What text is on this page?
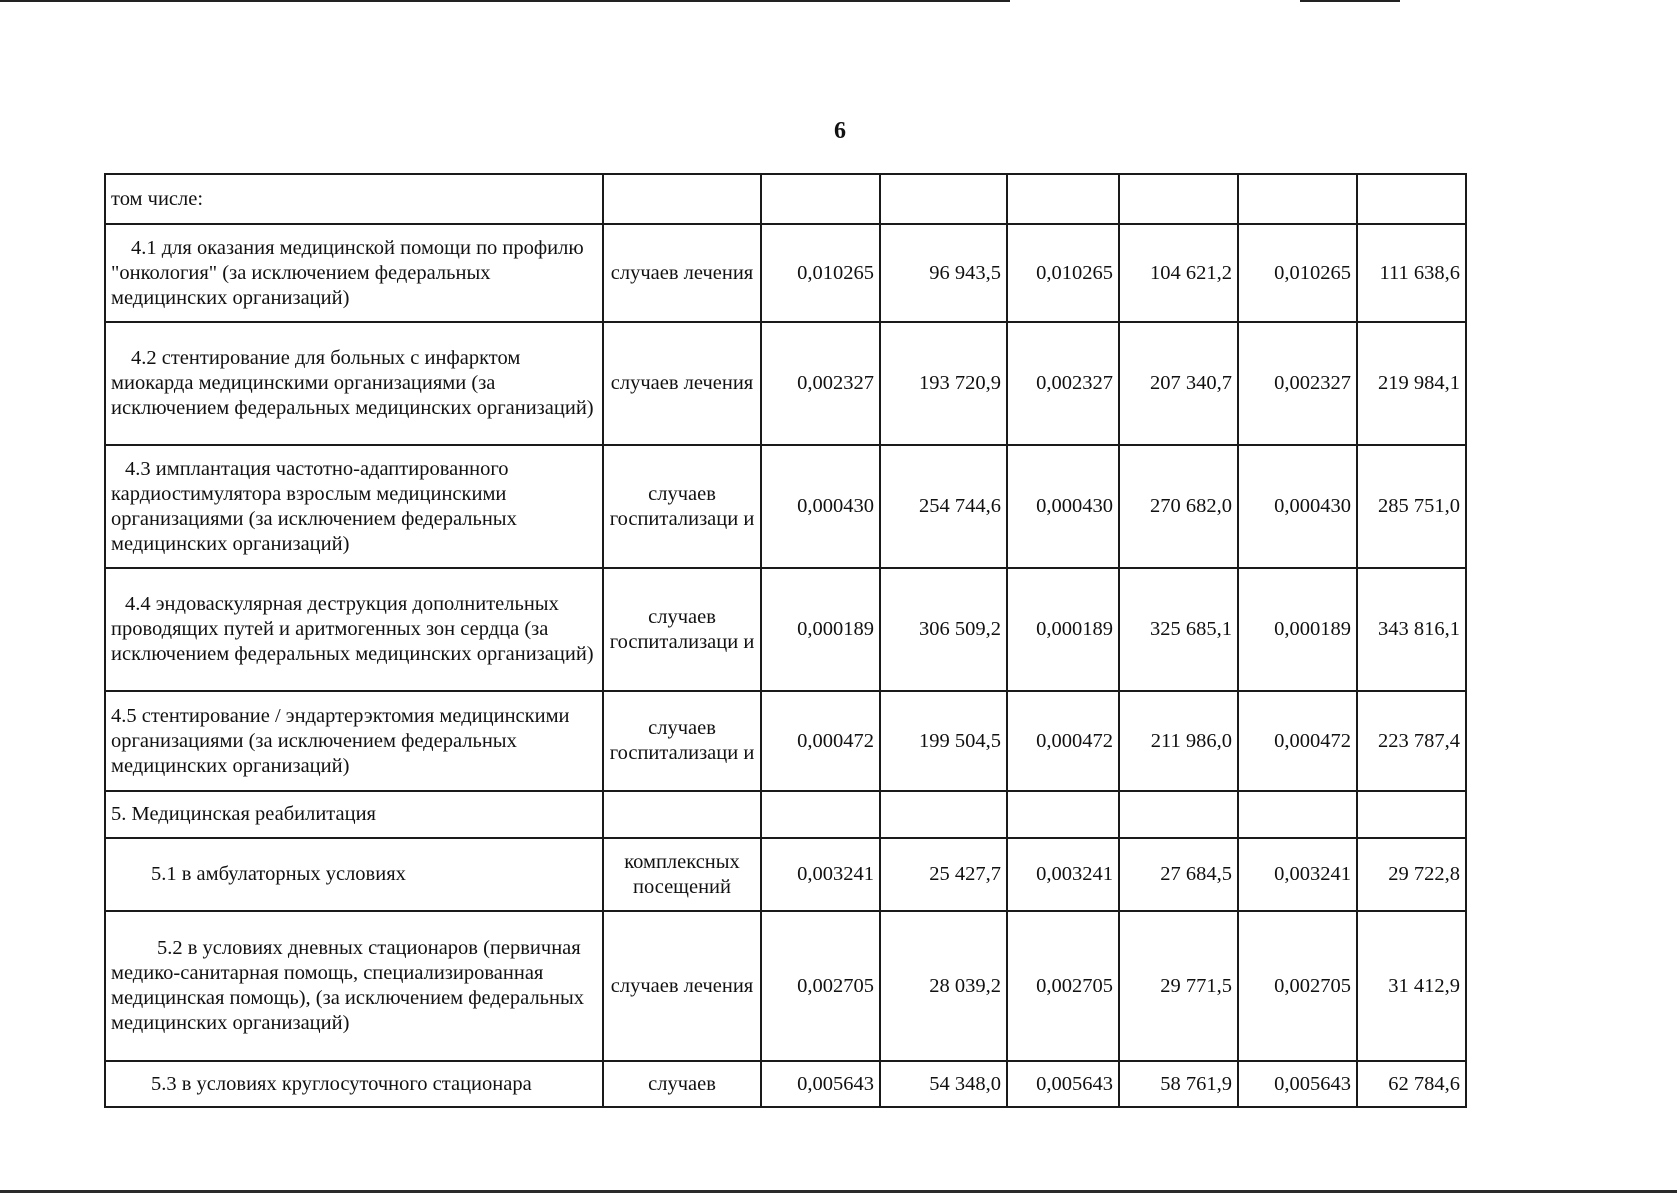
6
том числе:							
4.1 для оказания медицинской помощи по профилю "онкология" (за исключением федеральных медицинских организаций)	случаев лечения	0,010265	96 943,5	0,010265	104 621,2	0,010265	111 638,6
4.2 стентирование для больных с инфарктом миокарда медицинскими организациями (за исключением федеральных медицинских организаций)	случаев лечения	0,002327	193 720,9	0,002327	207 340,7	0,002327	219 984,1
4.3 имплантация частотно-адаптированного кардиостимулятора взрослым медицинскими организациями (за исключением федеральных медицинских организаций)	случаев госпитализаци и	0,000430	254 744,6	0,000430	270 682,0	0,000430	285 751,0
4.4 эндоваскулярная деструкция дополнительных проводящих путей и аритмогенных зон сердца (за исключением федеральных медицинских организаций)	случаев госпитализаци и	0,000189	306 509,2	0,000189	325 685,1	0,000189	343 816,1
4.5 стентирование / эндартерэктомия медицинскими организациями (за исключением федеральных медицинских организаций)	случаев госпитализаци и	0,000472	199 504,5	0,000472	211 986,0	0,000472	223 787,4
5. Медицинская реабилитация							
5.1 в амбулаторных условиях	комплексных посещений	0,003241	25 427,7	0,003241	27 684,5	0,003241	29 722,8
5.2 в условиях дневных стационаров (первичная медико-санитарная помощь, специализированная медицинская помощь), (за исключением федеральных медицинских организаций)	случаев лечения	0,002705	28 039,2	0,002705	29 771,5	0,002705	31 412,9
5.3 в условиях круглосуточного стационара	случаев	0,005643	54 348,0	0,005643	58 761,9	0,005643	62 784,6
